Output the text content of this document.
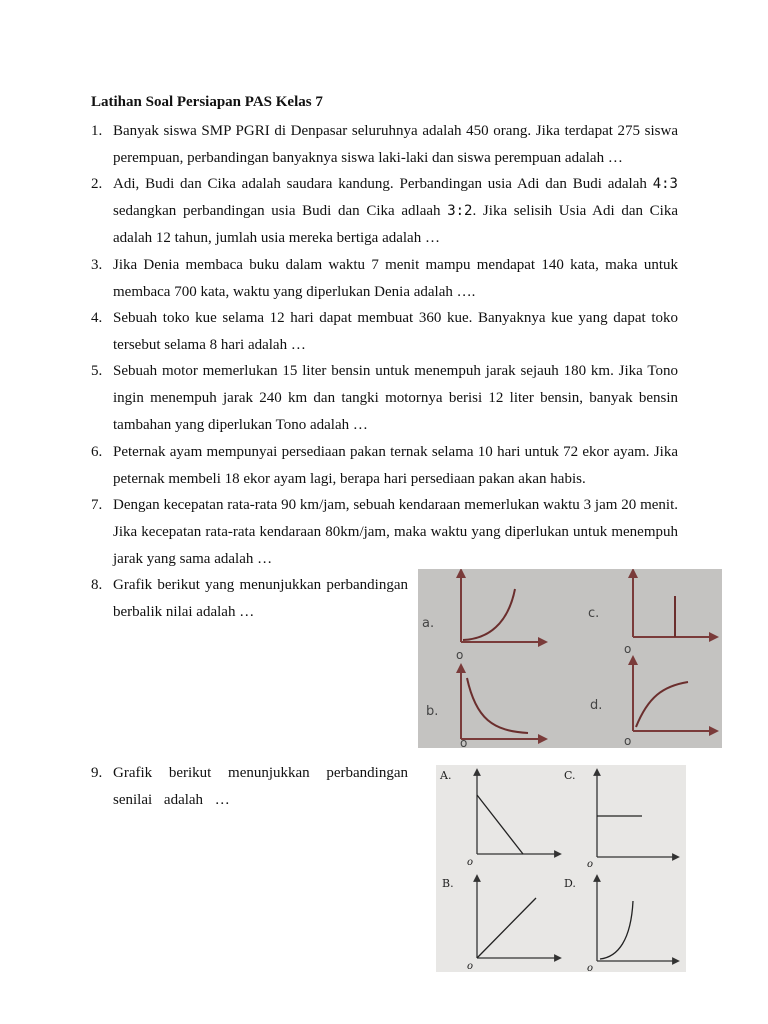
Latihan Soal Persiapan PAS Kelas 7
1. Banyak siswa SMP PGRI di Denpasar seluruhnya adalah 450 orang. Jika terdapat 275 siswa perempuan, perbandingan banyaknya siswa laki-laki dan siswa perempuan adalah …
2. Adi, Budi dan Cika adalah saudara kandung. Perbandingan usia Adi dan Budi adalah 4:3 sedangkan perbandingan usia Budi dan Cika adlaah 3:2. Jika selisih Usia Adi dan Cika adalah 12 tahun, jumlah usia mereka bertiga adalah …
3. Jika Denia membaca buku dalam waktu 7 menit mampu mendapat 140 kata, maka untuk membaca 700 kata, waktu yang diperlukan Denia adalah ….
4. Sebuah toko kue selama 12 hari dapat membuat 360 kue. Banyaknya kue yang dapat toko tersebut selama 8 hari adalah …
5. Sebuah motor memerlukan 15 liter bensin untuk menempuh jarak sejauh 180 km. Jika Tono ingin menempuh jarak 240 km dan tangki motornya berisi 12 liter bensin, banyak bensin tambahan yang diperlukan Tono adalah …
6. Peternak ayam mempunyai persediaan pakan ternak selama 10 hari untuk 72 ekor ayam. Jika peternak membeli 18 ekor ayam lagi, berapa hari persediaan pakan akan habis.
7. Dengan kecepatan rata-rata 90 km/jam, sebuah kendaraan memerlukan waktu 3 jam 20 menit. Jika kecepatan rata-rata kendaraan 80km/jam, maka waktu yang diperlukan untuk menempuh jarak yang sama adalah …
8. Grafik berikut yang menunjukkan perbandingan berbalik nilai adalah …
9. Grafik berikut menunjukkan perbandingan senilai adalah …
a.
o
b.
o
c.
o
d.
o
A.
o
B.
o
C.
o
D.
o
